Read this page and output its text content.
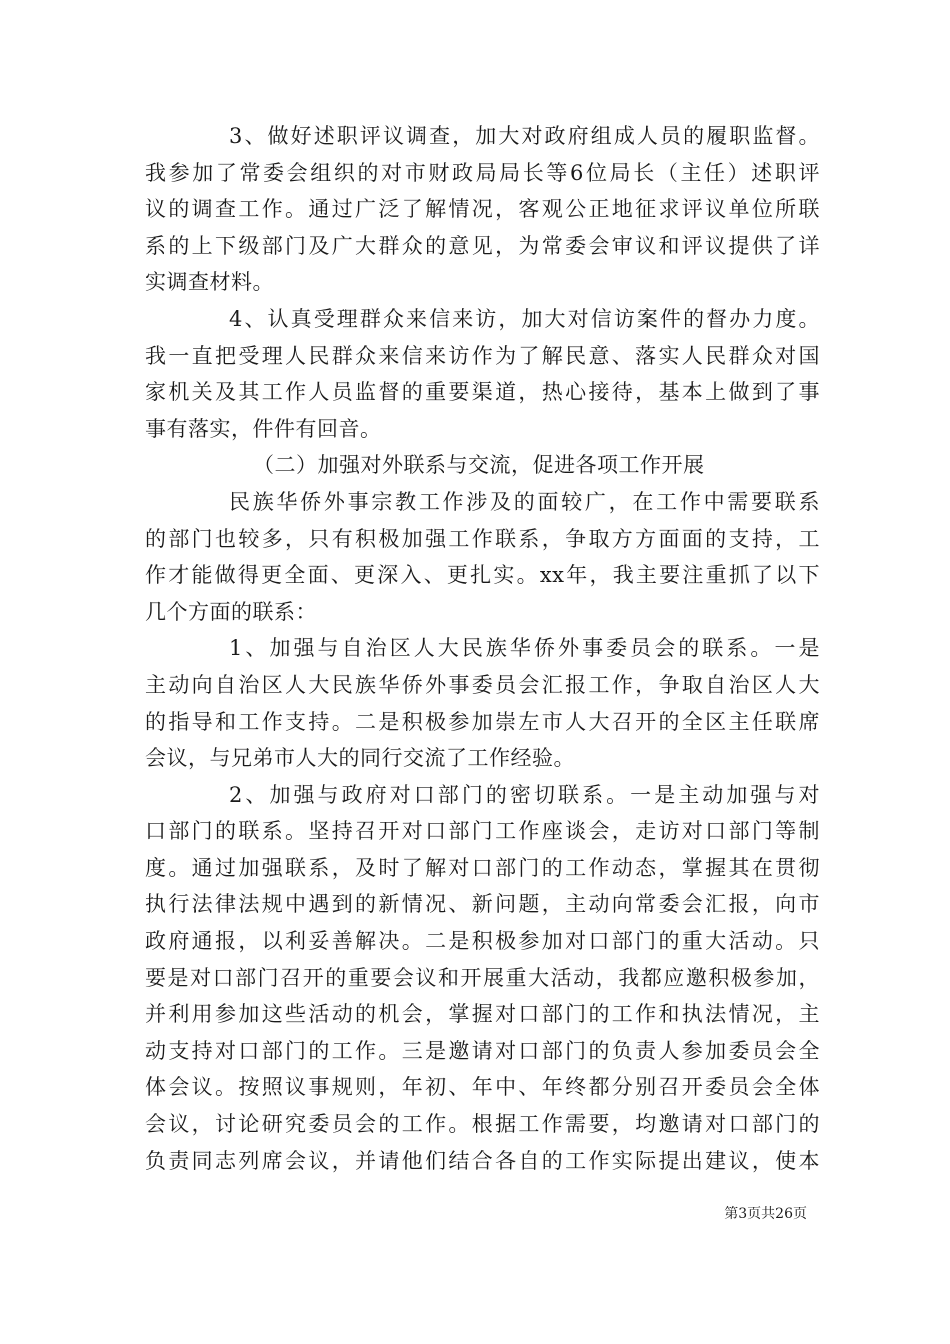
3、做好述职评议调查，加大对政府组成人员的履职监督。
我参加了常委会组织的对市财政局局长等6位局长（主任）述职评
议的调查工作。通过广泛了解情况，客观公正地征求评议单位所联
系的上下级部门及广大群众的意见，为常委会审议和评议提供了详
实调查材料。
4、认真受理群众来信来访，加大对信访案件的督办力度。
我一直把受理人民群众来信来访作为了解民意、落实人民群众对国
家机关及其工作人员监督的重要渠道，热心接待，基本上做到了事
事有落实，件件有回音。
（二）加强对外联系与交流，促进各项工作开展
民族华侨外事宗教工作涉及的面较广，在工作中需要联系
的部门也较多，只有积极加强工作联系，争取方方面面的支持，工
作才能做得更全面、更深入、更扎实。xx年，我主要注重抓了以下
几个方面的联系：
1、加强与自治区人大民族华侨外事委员会的联系。一是
主动向自治区人大民族华侨外事委员会汇报工作，争取自治区人大
的指导和工作支持。二是积极参加崇左市人大召开的全区主任联席
会议，与兄弟市人大的同行交流了工作经验。
2、加强与政府对口部门的密切联系。一是主动加强与对
口部门的联系。坚持召开对口部门工作座谈会，走访对口部门等制
度。通过加强联系，及时了解对口部门的工作动态，掌握其在贯彻
执行法律法规中遇到的新情况、新问题，主动向常委会汇报，向市
政府通报，以利妥善解决。二是积极参加对口部门的重大活动。只
要是对口部门召开的重要会议和开展重大活动，我都应邀积极参加，
并利用参加这些活动的机会，掌握对口部门的工作和执法情况，主
动支持对口部门的工作。三是邀请对口部门的负责人参加委员会全
体会议。按照议事规则，年初、年中、年终都分别召开委员会全体
会议，讨论研究委员会的工作。根据工作需要，均邀请对口部门的
负责同志列席会议，并请他们结合各自的工作实际提出建议，使本
第3页共26页
